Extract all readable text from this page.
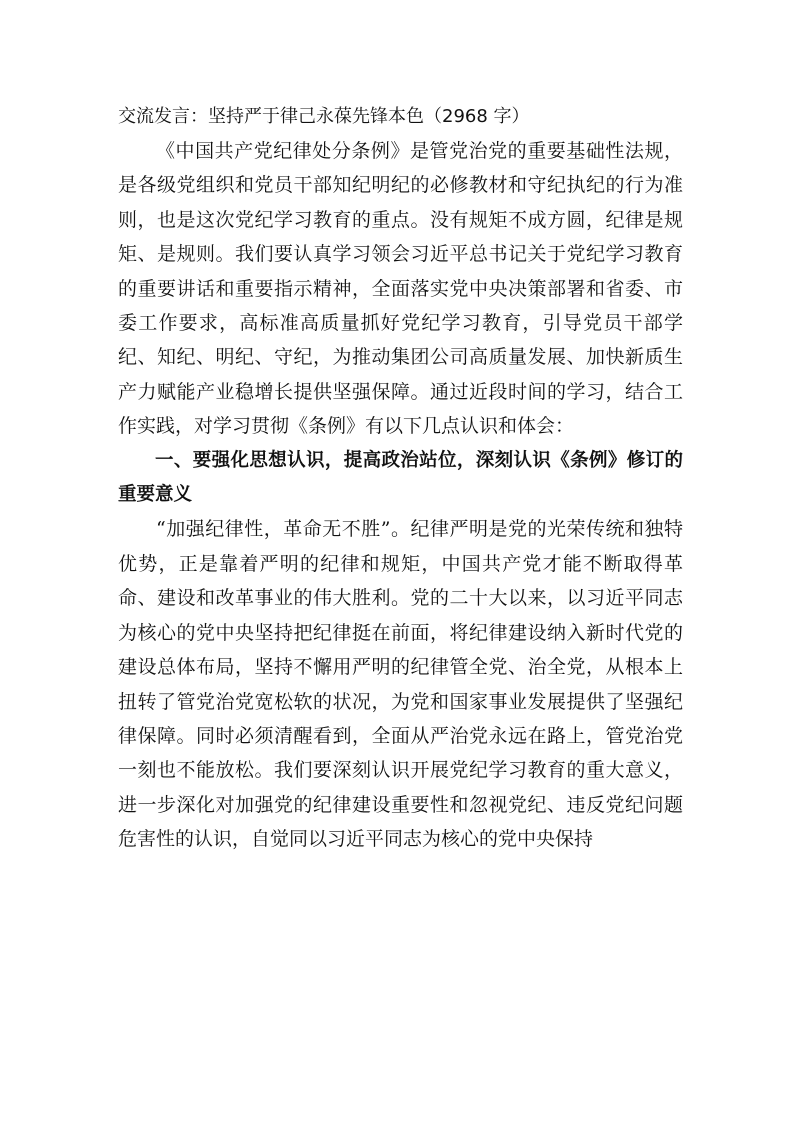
交流发言：坚持严于律己永葆先锋本色（2968 字）

《中国共产党纪律处分条例》是管党治党的重要基础性法规，是各级党组织和党员干部知纪明纪的必修教材和守纪执纪的行为准则，也是这次党纪学习教育的重点。没有规矩不成方圆，纪律是规矩、是规则。我们要认真学习领会习近平总书记关于党纪学习教育的重要讲话和重要指示精神，全面落实党中央决策部署和省委、市委工作要求，高标准高质量抓好党纪学习教育，引导党员干部学纪、知纪、明纪、守纪，为推动集团公司高质量发展、加快新质生产力赋能产业稳增长提供坚强保障。通过近段时间的学习，结合工作实践，对学习贯彻《条例》有以下几点认识和体会：

一、要强化思想认识，提高政治站位，深刻认识《条例》修订的重要意义

“加强纪律性，革命无不胜”。纪律严明是党的光荣传统和独特优势，正是靠着严明的纪律和规矩，中国共产党才能不断取得革命、建设和改革事业的伟大胜利。党的二十大以来，以习近平同志为核心的党中央坚持把纪律挺在前面，将纪律建设纳入新时代党的建设总体布局，坚持不懈用严明的纪律管全党、治全党，从根本上扭转了管党治党宽松软的状况，为党和国家事业发展提供了坚强纪律保障。同时必须清醒看到，全面从严治党永远在路上，管党治党一刻也不能放松。我们要深刻认识开展党纪学习教育的重大意义，进一步深化对加强党的纪律建设重要性和忽视党纪、违反党纪问题危害性的认识，自觉同以习近平同志为核心的党中央保持
